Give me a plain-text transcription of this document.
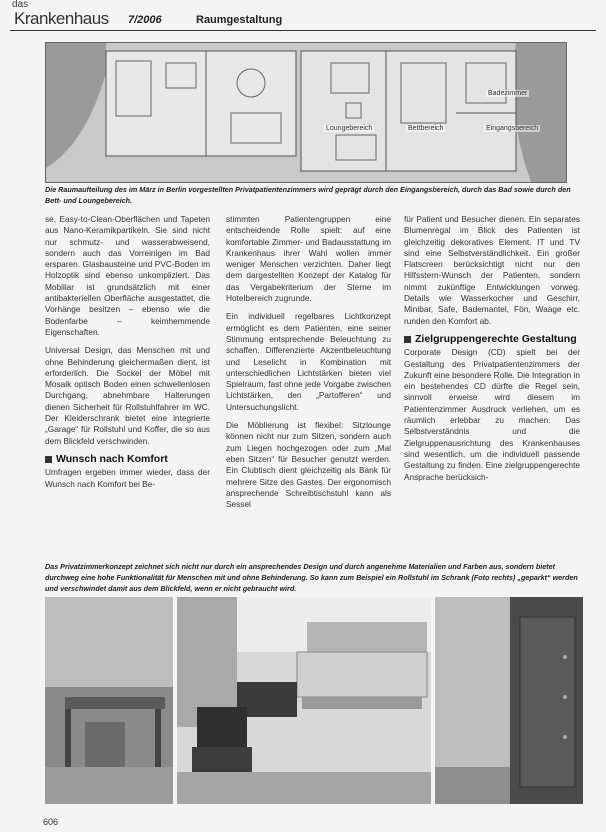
das
Krankenhaus 7/2006	Raumgestaltung
Badezimmer
Loungebereich	Bettbereich	Eingangsbereich
Die Raumaufteilung des im März in Berlin vorgestellten Privatpatientenzimmers wird geprägt durch den Eingangsbereich, durch das Bad sowie durch den Bett- und Loungebereich.

se, Easy-to-Clean-Oberflächen und Tapeten aus Nano-Keramikpartikeln. Sie sind nicht nur schmutz- und wasserabweisend, sondern auch das Vorreinigen im Bad ersparen. Glasbausteine und PVC-Boden im Holzoptik sind ebenso unkompliziert. Das Mobiliar ist grundsätzlich mit einer antibakteriellen Oberfläche ausgestattet, die Vorhänge besitzen – ebenso wie die Bodenfarbe – keimhemmende Eigenschaften.

Universal Design, das Menschen mit und ohne Behinderung gleichermaßen dient, ist erforderlich. Die Sockel der Möbel mit Mosaik optisch Boden einen schwellenlosen Durchgang, abnehmbare Halterungen dienen Sicherheit für Rollstuhlfahrer im WC. Der Kleiderschrank bietet eine integrierte „Garage“ für Rollstuhl und Koffer, die so aus dem Blickfeld verschwinden.

Wunsch nach Komfort

Umfragen ergeben immer wieder, dass der Wunsch nach Komfort bei Be-

stimmten Patientengruppen eine entscheidende Rolle spielt: auf eine komfortable Zimmer- und Badausstattung im Krankenhaus ihrer Wahl wollen immer weniger Menschen verzichten. Daher liegt dem dargestellten Konzept der Katalog für das Vergabekriterium der Sterne im Hotelbereich zugrunde.

Ein individuell regelbares Lichtkonzept ermöglicht es dem Patienten, eine seiner Stimmung entsprechende Beleuchtung zu schaffen. Differenzierte Akzentbeleuchtung und Leselicht in Kombination mit unterschiedlichen Lichtstärken bieten viel Spielraum, fast ohne jede Vorgabe zwischen Lichtstärken, den „Partofferen“ und Untersuchungslicht.

Die Möblierung ist flexibel: Sitzlounge können nicht nur zum Sitzen, sondern auch zum Liegen hochgezogen oder zum „Mal eben Sitzen“ für Besucher genutzt werden. Ein Clubtisch dient gleichzeitig als Bank für mehrere Sitze des Gastes. Der ergonomisch ansprechende Schreibtischstuhl kann als Sessel

für Patient und Besucher dienen. Ein separates Blumenregal im Blick des Patienten ist gleichzeitig dekoratives Element. IT und TV sind eine Selbstverständlichkeit. Ein großer Flatscreen berücksichtigt nicht nur den Hilfsstern-Wunsch der Patienten, sondern nimmt zukünftige Entwicklungen vorweg. Details wie Wasserkocher und Geschirr, Minibar, Safe, Bademantel, Fön, Waage etc. runden den Komfort ab.

Zielgruppengerechte Gestaltung

Corporate Design (CD) spielt bei der Gestaltung des Privatpatientenzimmers der Zukunft eine besondere Rolle. Die Integration in ein bestehendes CD dürfte die Regel sein, sinnvoll erweise wird diesem im Patientenzimmer Ausdruck verliehen, um es räumlich erlebbar zu machen. Das Selbstverständnis und die Zielgruppenausrichtung des Krankenhauses sind wesentlich, um die individuell passende Gestaltung zu finden. Eine zielgruppengerechte Ansprache berücksich-

Das Privatzimmerkonzept zeichnet sich nicht nur durch ein ansprechendes Design und durch angenehme Materialien und Farben aus, sondern bietet durchweg eine hohe Funktionalität für Menschen mit und ohne Behinderung. So kann zum Beispiel ein Rollstuhl im Schrank (Foto rechts) „geparkt“ werden und verschwindet damit aus dem Blickfeld, wenn er nicht gebraucht wird.
606
